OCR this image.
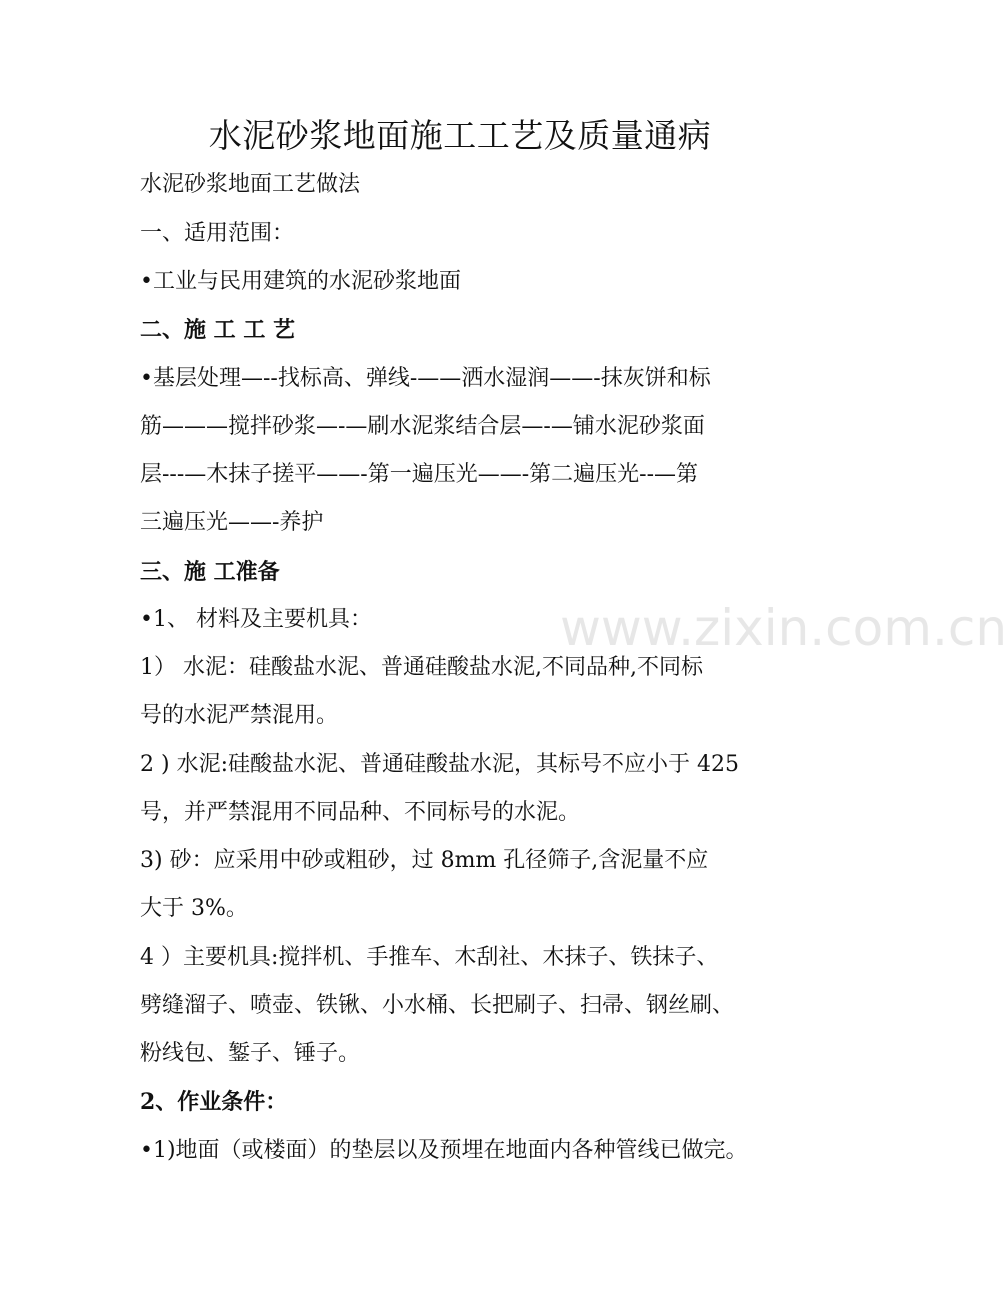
水泥砂浆地面施工工艺及质量通病
水泥砂浆地面工艺做法
一、适用范围：
•工业与民用建筑的水泥砂浆地面
二、施 工 工 艺
•基层处理—--找标高、弹线-——洒水湿润——-抹灰饼和标
筋———搅拌砂浆—-—刷水泥浆结合层—-—铺水泥砂浆面
层---—木抹子搓平——-第一遍压光——-第二遍压光--—第
三遍压光——-养护
三、施 工准备
•1、 材料及主要机具：
1） 水泥：硅酸盐水泥、普通硅酸盐水泥,不同品种,不同标
号的水泥严禁混用。
2 ) 水泥:硅酸盐水泥、普通硅酸盐水泥，其标号不应小于 425
号，并严禁混用不同品种、不同标号的水泥。
3) 砂：应采用中砂或粗砂，过 8mm 孔径筛子,含泥量不应
大于 3%。
4 ）主要机具:搅拌机、手推车、木刮社、木抹子、铁抹子、
劈缝溜子、喷壶、铁锹、小水桶、长把刷子、扫帚、钢丝刷、
粉线包、錾子、锤子。
2、作业条件：
•1)地面（或楼面）的垫层以及预埋在地面内各种管线已做完。
www.zixin.com.cn
